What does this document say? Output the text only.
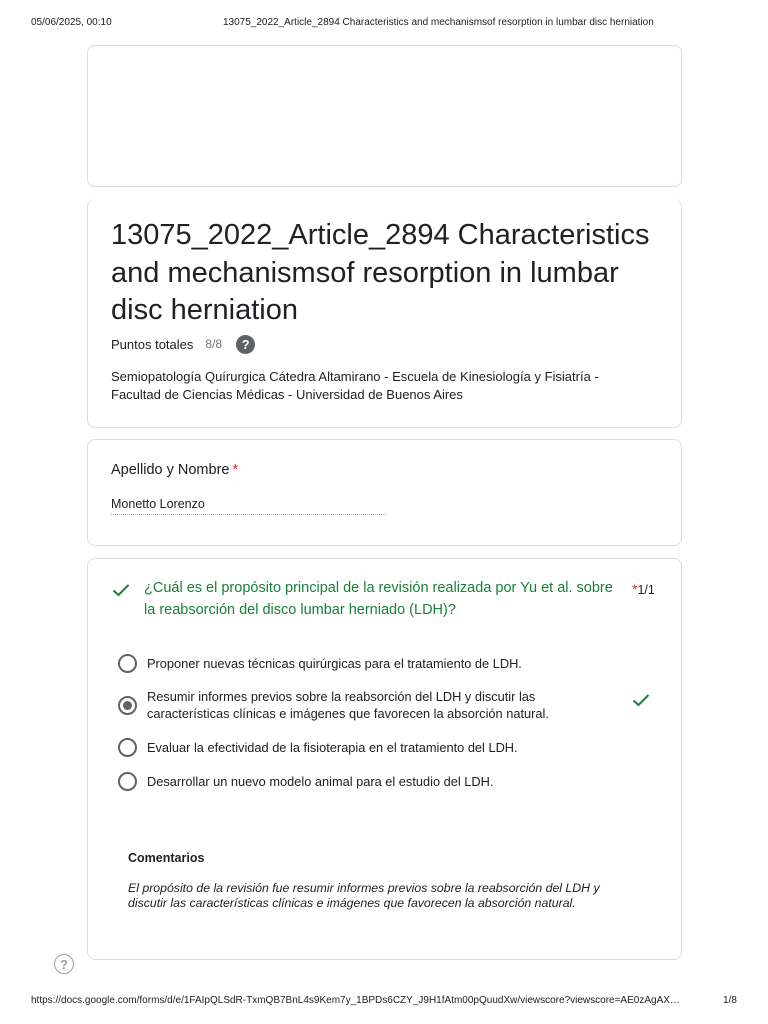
05/06/2025, 00:10	13075_2022_Article_2894 Characteristics and mechanismsof resorption in lumbar disc herniation
13075_2022_Article_2894 Characteristics and mechanismsof resorption in lumbar disc herniation
Puntos totales 8/8	?
Semiopatología Quírurgica Cátedra Altamirano - Escuela de Kinesiología y Fisiatría - Facultad de Ciencias Médicas - Universidad de Buenos Aires
Apellido y Nombre *
Monetto Lorenzo
¿Cuál es el propósito principal de la revisión realizada por Yu et al. sobre la reabsorción del disco lumbar herniado (LDH)?
*1/1
Proponer nuevas técnicas quirúrgicas para el tratamiento de LDH.
Resumir informes previos sobre la reabsorción del LDH y discutir las características clínicas e imágenes que favorecen la absorción natural.
Evaluar la efectividad de la fisioterapia en el tratamiento del LDH.
Desarrollar un nuevo modelo animal para el estudio del LDH.
Comentarios
El propósito de la revisión fue resumir informes previos sobre la reabsorción del LDH y discutir las características clínicas e imágenes que favorecen la absorción natural.
?
https://docs.google.com/forms/d/e/1FAIpQLSdR-TxmQB7BnL4s9Kem7y_1BPDs6CZY_J9H1fAtm00pQuudXw/viewscore?viewscore=AE0zAgAX…	1/8
